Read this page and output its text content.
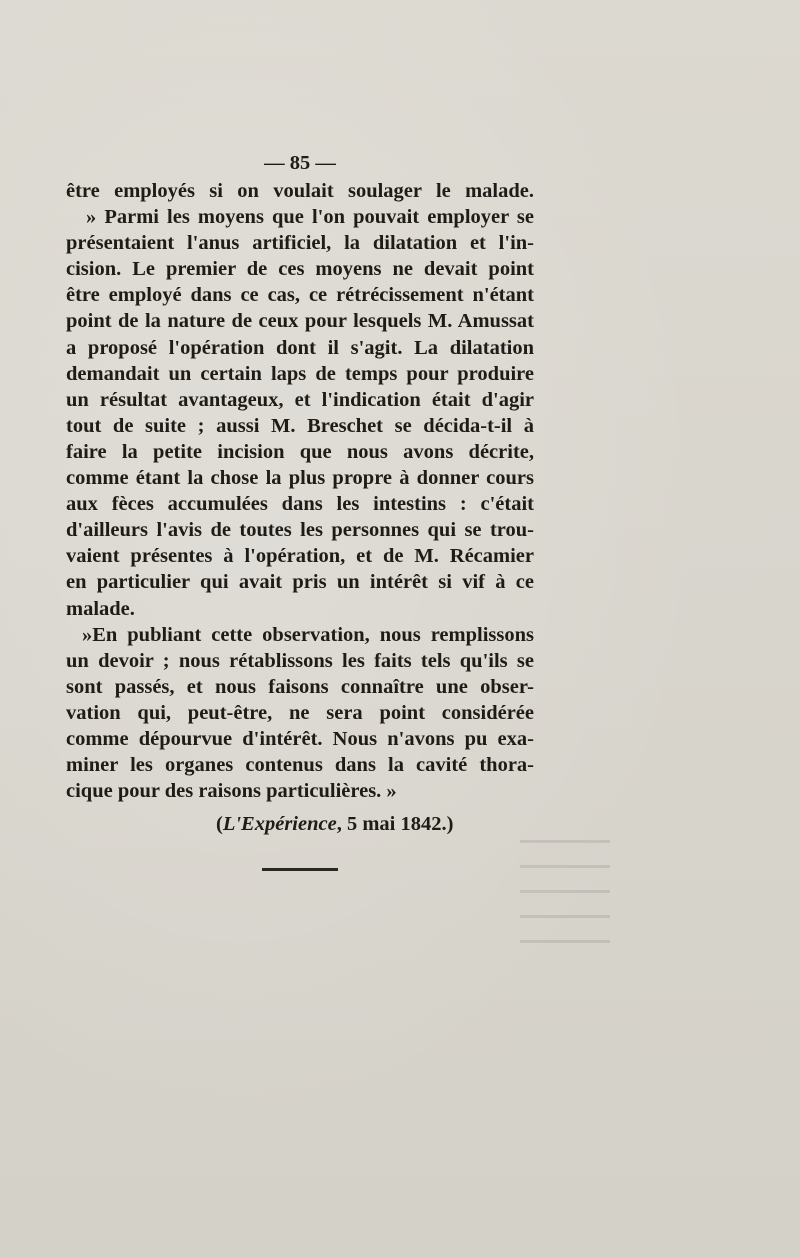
— 85 —
être employés si on voulait soulager le malade.
» Parmi les moyens que l'on pouvait employer se
présentaient l'anus artificiel, la dilatation et l'in-
cision. Le premier de ces moyens ne devait point
être employé dans ce cas, ce rétrécissement n'étant
point de la nature de ceux pour lesquels M. Amussat
a proposé l'opération dont il s'agit. La dilatation
demandait un certain laps de temps pour produire
un résultat avantageux, et l'indication était d'agir
tout de suite ; aussi M. Breschet se décida-t-il à
faire la petite incision que nous avons décrite,
comme étant la chose la plus propre à donner cours
aux fèces accumulées dans les intestins : c'était
d'ailleurs l'avis de toutes les personnes qui se trou-
vaient présentes à l'opération, et de M. Récamier
en particulier qui avait pris un intérêt si vif à ce
malade.
»En publiant cette observation, nous remplissons
un devoir ; nous rétablissons les faits tels qu'ils se
sont passés, et nous faisons connaître une obser-
vation qui, peut-être, ne sera point considérée
comme dépourvue d'intérêt. Nous n'avons pu exa-
miner les organes contenus dans la cavité thora-
cique pour des raisons particulières. »
(L'Expérience, 5 mai 1842.)
